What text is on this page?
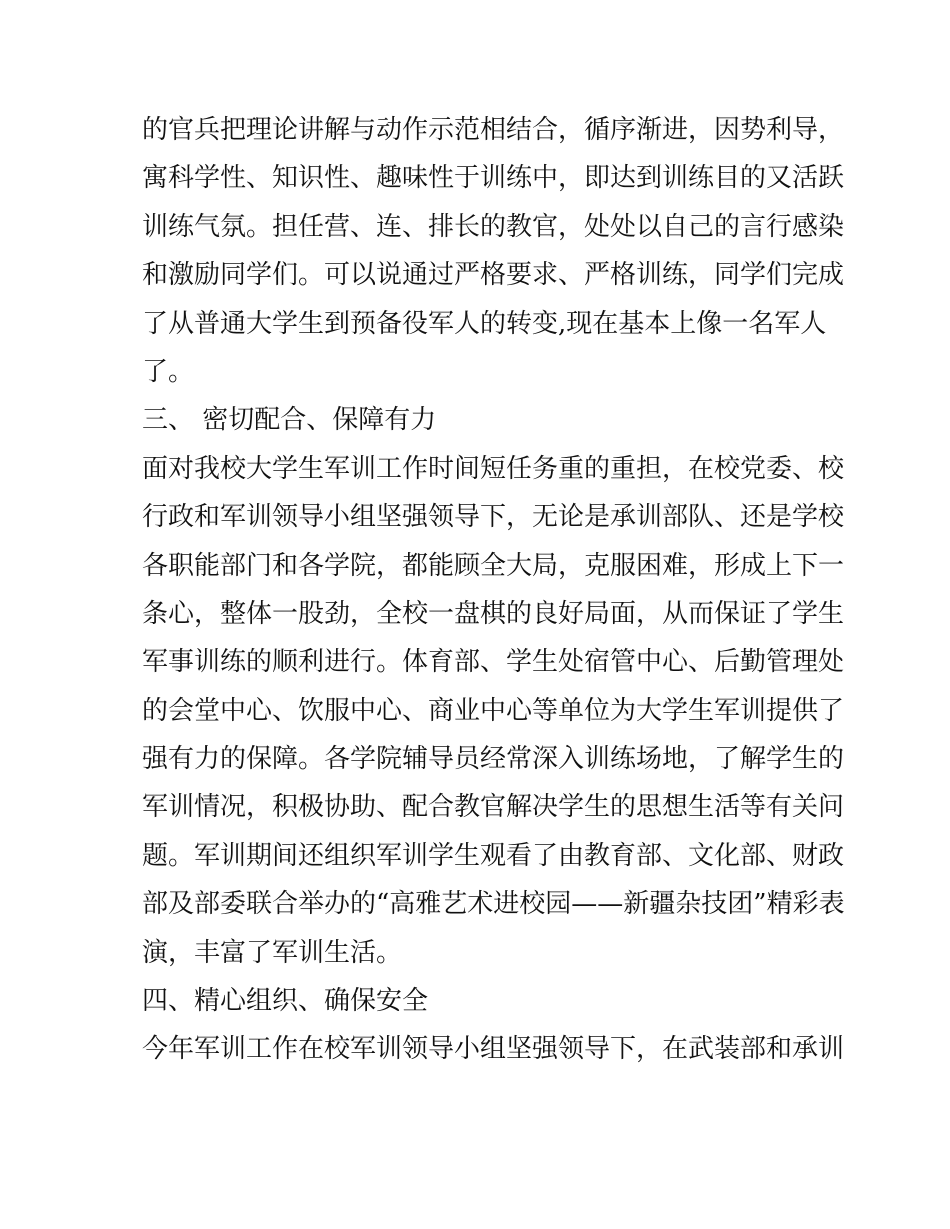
的官兵把理论讲解与动作示范相结合，循序渐进，因势利导，
寓科学性、知识性、趣味性于训练中，即达到训练目的又活跃
训练气氛。担任营、连、排长的教官，处处以自己的言行感染
和激励同学们。可以说通过严格要求、严格训练，同学们完成
了从普通大学生到预备役军人的转变,现在基本上像一名军人
了。
三、 密切配合、保障有力
面对我校大学生军训工作时间短任务重的重担，在校党委、校
行政和军训领导小组坚强领导下，无论是承训部队、还是学校
各职能部门和各学院，都能顾全大局，克服困难，形成上下一
条心，整体一股劲，全校一盘棋的良好局面，从而保证了学生
军事训练的顺利进行。体育部、学生处宿管中心、后勤管理处
的会堂中心、饮服中心、商业中心等单位为大学生军训提供了
强有力的保障。各学院辅导员经常深入训练场地，了解学生的
军训情况，积极协助、配合教官解决学生的思想生活等有关问
题。军训期间还组织军训学生观看了由教育部、文化部、财政
部及部委联合举办的“高雅艺术进校园——新疆杂技团”精彩表
演，丰富了军训生活。
四、精心组织、确保安全
今年军训工作在校军训领导小组坚强领导下，在武装部和承训
